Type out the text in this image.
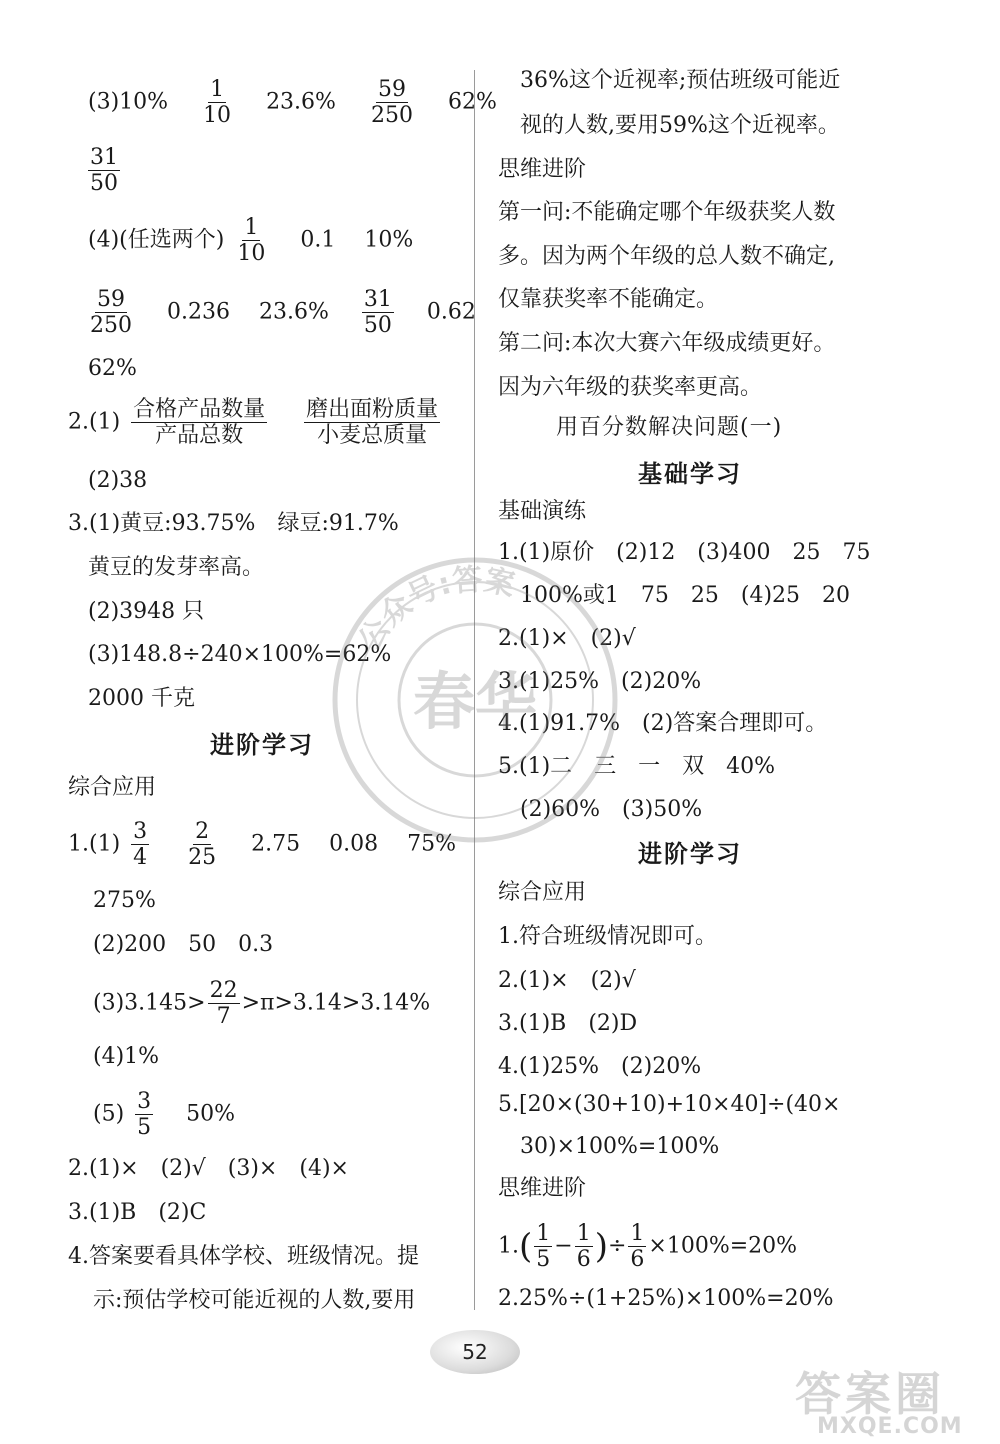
$(3)10\% \frac{1}{10} 23.6\% \frac{59}{250} 62\%$
$\frac{31}{50}$
(4)(任选两个) $\frac{1}{10} 0.1$ 10%
$\frac{59}{250} 0.236$ $23.6\% \frac{31}{50} 0.62$
62%
$2.(1) \frac{\text{合格产品数量}}{\text{产品总数}}$
$\frac{\text{磨出面粉质量}}{\text{小麦总质量}}$
(2)38
3.(1)黄豆:93.75%　绿豆:91.7%
黄豆的发芽率高。
(2)3948 只
(3)148.8÷240×100%=62%
2000 千克
进阶学习
综合应用
$1.(1) \frac{3}{4}$
$\frac{2}{25} 2.75$ 0.08 75%
275%
(2)200　50　0.3
$(3)3.145> \frac{22}{7} >\pi>3.14>3.14\%$
(4)1%
$(5) \frac{3}{5} 50\%$
2.(1)×　(2)√　(3)×　(4)×
3.(1)B　(2)C
4.答案要看具体学校、班级情况。提
示:预估学校可能近视的人数,要用
36%这个近视率;预估班级可能近
视的人数,要用59%这个近视率。
思维进阶
第一问:不能确定哪个年级获奖人数
多。因为两个年级的总人数不确定,
仅靠获奖率不能确定。
第二问:本次大赛六年级成绩更好。
因为六年级的获奖率更高。
用百分数解决问题(一)
基础学习
基础演练
1.(1)原价　(2)12　(3)400　25　75
100%或1　75　25　(4)25　20
2.(1)×　(2)√
3.(1)25%　(2)20%
4.(1)91.7%　(2)答案合理即可。
5.(1)二　三　一　双　40%
(2)60%　(3)50%
进阶学习
综合应用
1.符合班级情况即可。
2.(1)×　(2)√
3.(1)B　(2)D
4.(1)25%　(2)20%
5.[20×(30+10)+10×40]÷(40×
30)×100%=100%
思维进阶
$1.( \frac{1}{5} - \frac{1}{6}$ )÷ $\frac{1}{6} \times 100\%=20\%$
2.25%÷(1+25%)×100%=20%
52
春华
公众号:答案
答案圈
MXQE.COM
